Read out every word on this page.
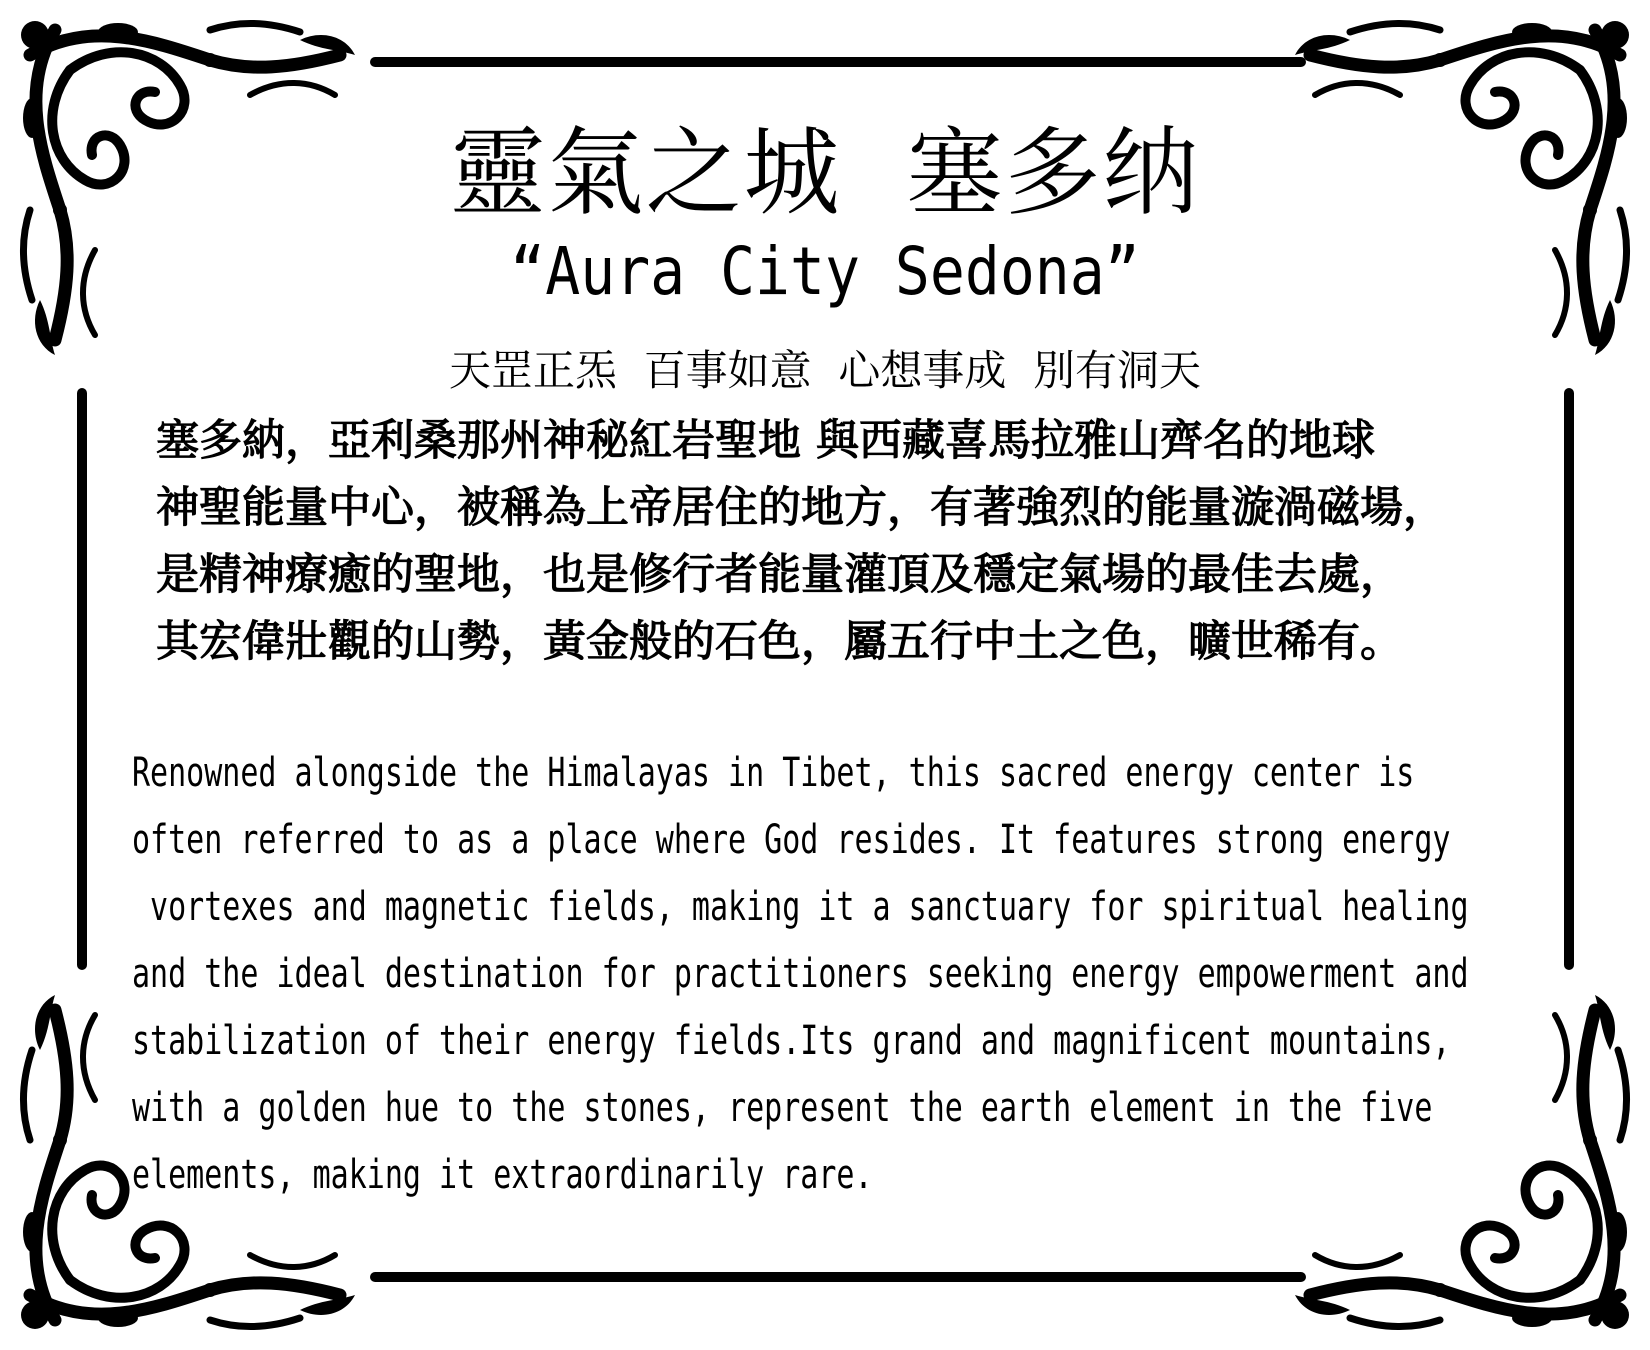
靈氣之城  塞多纳
“Aura City Sedona”
天罡正炁  百事如意  心想事成  別有洞天
塞多納，亞利桑那州神秘紅岩聖地 與西藏喜馬拉雅山齊名的地球
神聖能量中心，被稱為上帝居住的地方，有著強烈的能量漩渦磁場，
是精神療癒的聖地，也是修行者能量灌頂及穩定氣場的最佳去處，
其宏偉壯觀的山勢，黃金般的石色，屬五行中土之色，曠世稀有。
Renowned alongside the Himalayas in Tibet, this sacred energy center is
often referred to as a place where God resides. It features strong energy
vortexes and magnetic fields, making it a sanctuary for spiritual healing
and the ideal destination for practitioners seeking energy empowerment and
stabilization of their energy fields.Its grand and magnificent mountains,
with a golden hue to the stones, represent the earth element in the five
elements, making it extraordinarily rare.
